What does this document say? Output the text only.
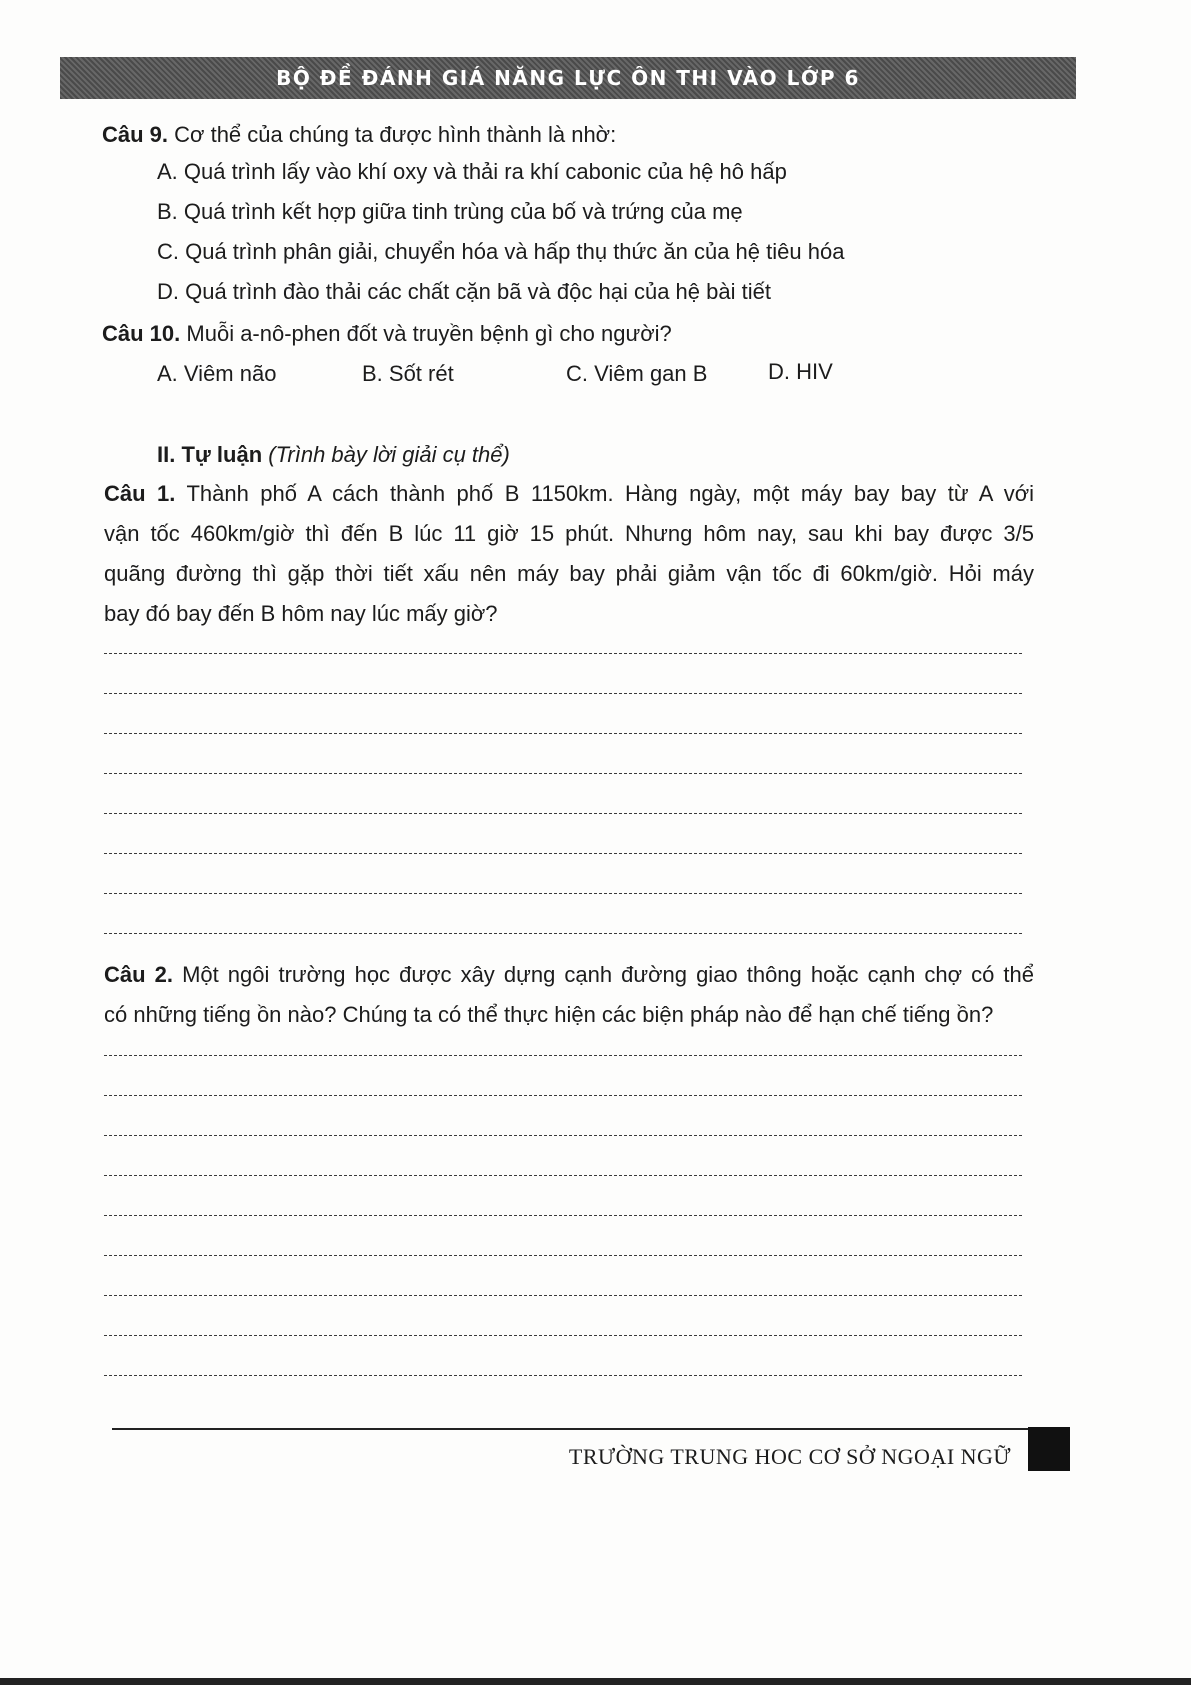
BỘ ĐỀ ĐÁNH GIÁ NĂNG LỰC ÔN THI VÀO LỚP 6
Câu 9. Cơ thể của chúng ta được hình thành là nhờ:
A. Quá trình lấy vào khí oxy và thải ra khí cabonic của hệ hô hấp
B. Quá trình kết hợp giữa tinh trùng của bố và trứng của mẹ
C. Quá trình phân giải, chuyển hóa và hấp thụ thức ăn của hệ tiêu hóa
D. Quá trình đào thải các chất cặn bã và độc hại của hệ bài tiết
Câu 10. Muỗi a-nô-phen đốt và truyền bệnh gì cho người?
A. Viêm não	B. Sốt rét	C. Viêm gan B	D. HIV
II. Tự luận (Trình bày lời giải cụ thể)
Câu 1. Thành phố A cách thành phố B 1150km. Hàng ngày, một máy bay bay từ A với
vận tốc 460km/giờ thì đến B lúc 11 giờ 15 phút. Nhưng hôm nay, sau khi bay được 3/5
quãng đường thì gặp thời tiết xấu nên máy bay phải giảm vận tốc đi 60km/giờ. Hỏi máy
bay đó bay đến B hôm nay lúc mấy giờ?
Câu 2. Một ngôi trường học được xây dựng cạnh đường giao thông hoặc cạnh chợ có thể
có những tiếng ồn nào? Chúng ta có thể thực hiện các biện pháp nào để hạn chế tiếng ồn?
TRƯỜNG TRUNG HOC CƠ SỞ NGOẠI NGỮ
